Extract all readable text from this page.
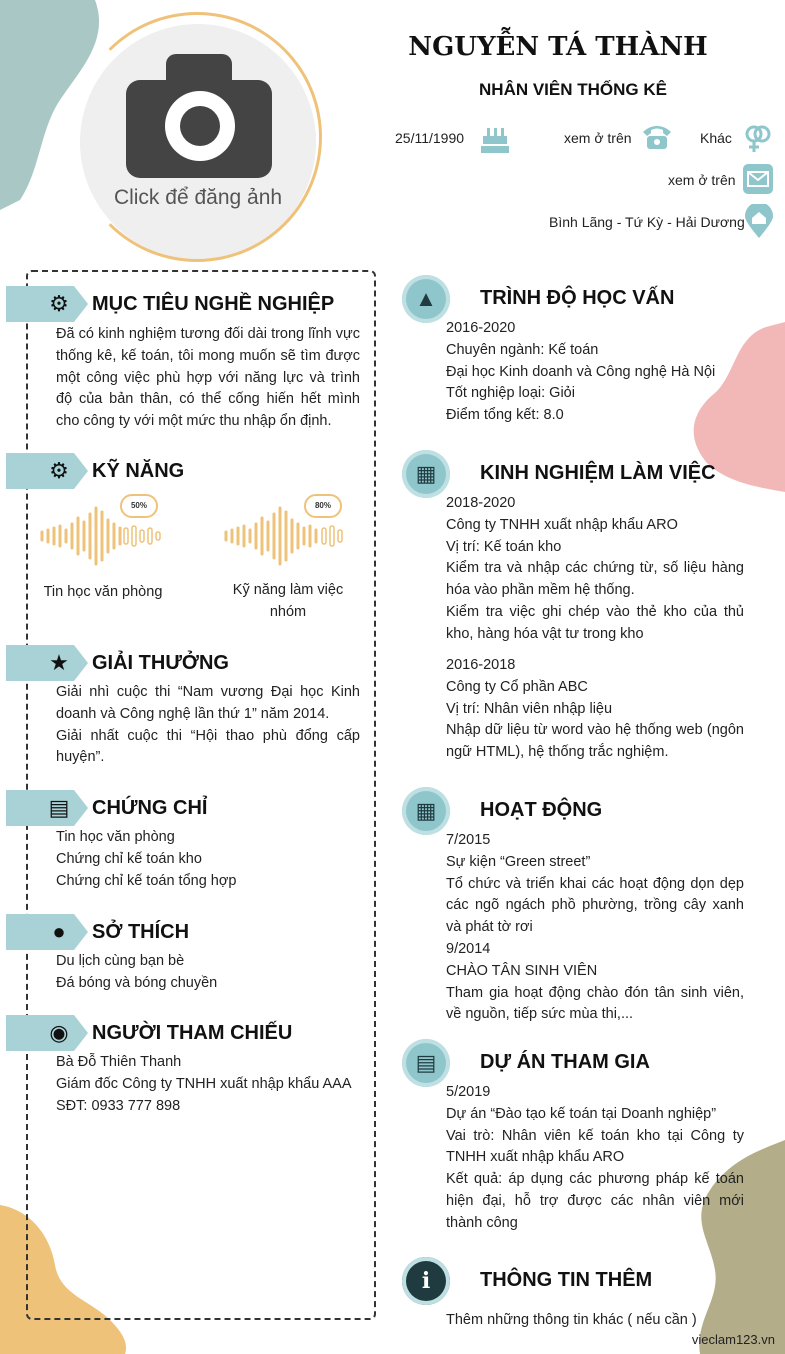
Click để đăng ảnh
NGUYỄN TÁ THÀNH
NHÂN VIÊN THỐNG KÊ
25/11/1990	xem ở trên	Khác
xem ở trên
Bình Lãng - Tứ Kỳ - Hải Dương
⚙ MỤC TIÊU NGHỀ NGHIỆP
Đã có kinh nghiệm tương đối dài trong lĩnh vực thống kê, kế toán, tôi mong muốn sẽ tìm được một công việc phù hợp với năng lực và trình độ của bản thân, có thể cống hiến hết mình cho công ty với một mức thu nhập ổn định.
⚙ KỸ NĂNG
50%
Tin học văn phòng
80%
Kỹ năng làm việc nhóm
★ GIẢI THƯỞNG
Giải nhì cuộc thi “Nam vương Đại học Kinh doanh và Công nghệ lần thứ 1” năm 2014.
Giải nhất cuộc thi “Hội thao phù đổng cấp huyện”.
▤ CHỨNG CHỈ
Tin học văn phòng
Chứng chỉ kế toán kho
Chứng chỉ kế toán tổng hợp
●	SỞ THÍCH
Du lịch cùng bạn bè
Đá bóng và bóng chuyền
◉ NGƯỜI THAM CHIẾU
Bà Đỗ Thiên Thanh
Giám đốc Công ty TNHH xuất nhập khẩu AAA
SĐT: 0933 777 898
▲	TRÌNH ĐỘ HỌC VẤN
2016-2020
Chuyên ngành: Kế toán
Đại học Kinh doanh và Công nghệ Hà Nội
Tốt nghiệp loại: Giỏi
Điểm tổng kết: 8.0
▦	KINH NGHIỆM LÀM VIỆC
2018-2020
Công ty TNHH xuất nhập khẩu ARO
Vị trí: Kế toán kho
Kiểm tra và nhập các chứng từ, số liệu hàng hóa vào phần mềm hệ thống.
Kiểm tra việc ghi chép vào thẻ kho của thủ kho, hàng hóa vật tư trong kho
2016-2018
Công ty Cổ phần ABC
Vị trí: Nhân viên nhập liệu
Nhập dữ liệu từ word vào hệ thống web (ngôn ngữ HTML), hệ thống trắc nghiệm.
▦	HOẠT ĐỘNG
7/2015
Sự kiện “Green street”
Tổ chức và triển khai các hoạt động dọn dẹp các ngõ ngách phồ phường, trồng cây xanh và phát tờ rơi
9/2014
CHÀO TÂN SINH VIÊN
Tham gia hoạt động chào đón tân sinh viên, về nguồn, tiếp sức mùa thi,...
▤	DỰ ÁN THAM GIA
5/2019
Dự án “Đào tạo kế toán tại Doanh nghiệp”
Vai trò: Nhân viên kế toán kho tại Công ty TNHH xuất nhập khẩu ARO
Kết quả: áp dụng các phương pháp kế toán hiện đại, hỗ trợ được các nhân viên mới thành công
i	THÔNG TIN THÊM
Thêm những thông tin khác ( nếu cần )
vieclam123.vn
